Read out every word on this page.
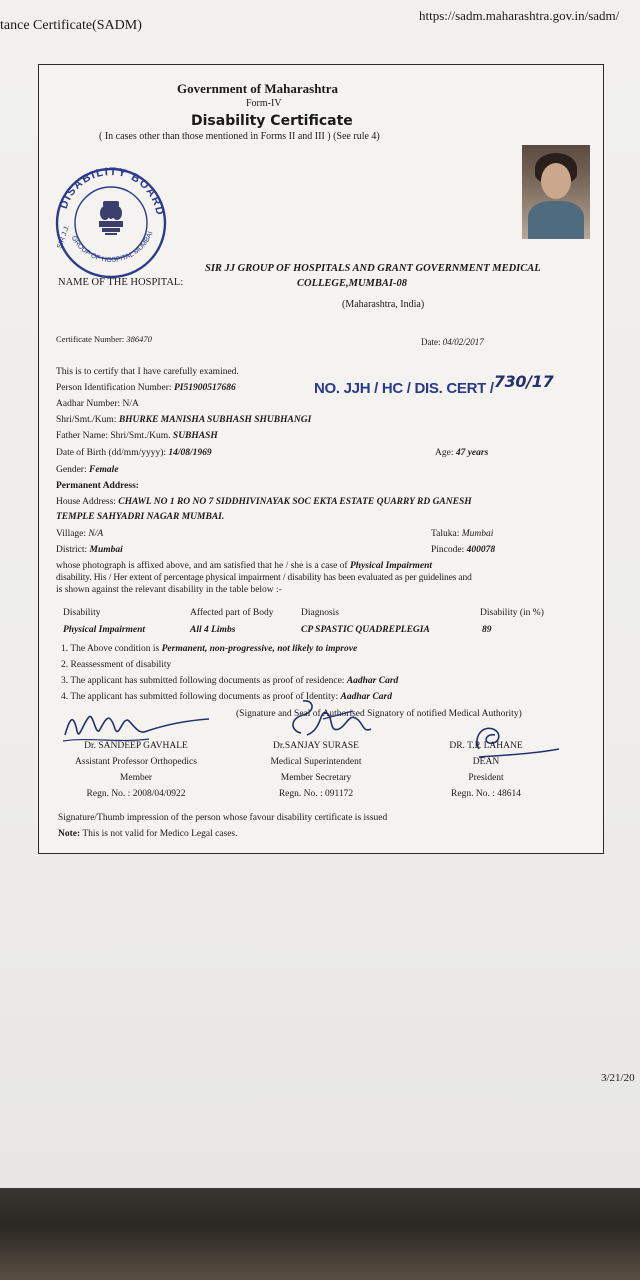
tance Certificate(SADM)
https://sadm.maharashtra.gov.in/sadm/
3/21/20
Government of Maharashtra
Form-IV
Disability Certificate
( In cases other than those mentioned in Forms II and III ) (See rule 4)
DISABILITY BOARD
GROUP OF HOSPITAL MUMBAI
SIR J.J.
NAME OF THE HOSPITAL:
SIR JJ GROUP OF HOSPITALS AND GRANT GOVERNMENT MEDICAL
COLLEGE,MUMBAI-08
(Maharashtra, India)
Certificate Number: 386470	Date: 04/02/2017
NO. JJH / HC / DIS. CERT /730/17
This is to certify that I have carefully examined.
Person Identification Number: PI51900517686
Aadhar Number: N/A
Shri/Smt./Kum: BHURKE MANISHA SUBHASH SHUBHANGI
Father Name: Shri/Smt./Kum. SUBHASH
Date of Birth (dd/mm/yyyy): 14/08/1969	Age: 47 years
Gender: Female
Permanent Address:
House Address: CHAWL NO 1 RO NO 7 SIDDHIVINAYAK SOC EKTA ESTATE QUARRY RD GANESH
TEMPLE SAHYADRI NAGAR MUMBAI.
Village: N/A	Taluka: Mumbai
District: Mumbai	Pincode: 400078
whose photograph is affixed above, and am satisfied that he / she is a case of Physical Impairment
disability. His / Her extent of percentage physical impairment / disability has been evaluated as per guidelines and
is shown against the relevant disability in the table below :-
Disability	Affected part of Body	Diagnosis	Disability (in %)
Physical Impairment	All 4 Limbs	CP SPASTIC QUADREPLEGIA	89
1. The Above condition is Permanent, non-progressive, not likely to improve
2. Reassessment of disability
3. The applicant has submitted following documents as proof of residence: Aadhar Card
4. The applicant has submitted following documents as proof of Identity: Aadhar Card
(Signature and Seal of Authorised Signatory of notified Medical Authority)
Dr. SANDEEP GAVHALE
Assistant Professor Orthopedics
Member
Regn. No. : 2008/04/0922
Dr.SANJAY SURASE
Medical Superintendent
Member Secretary
Regn. No. : 091172
DR. T.P. LAHANE
DEAN
President
Regn. No. : 48614
Signature/Thumb impression of the person whose favour disability certificate is issued
Note: This is not valid for Medico Legal cases.
